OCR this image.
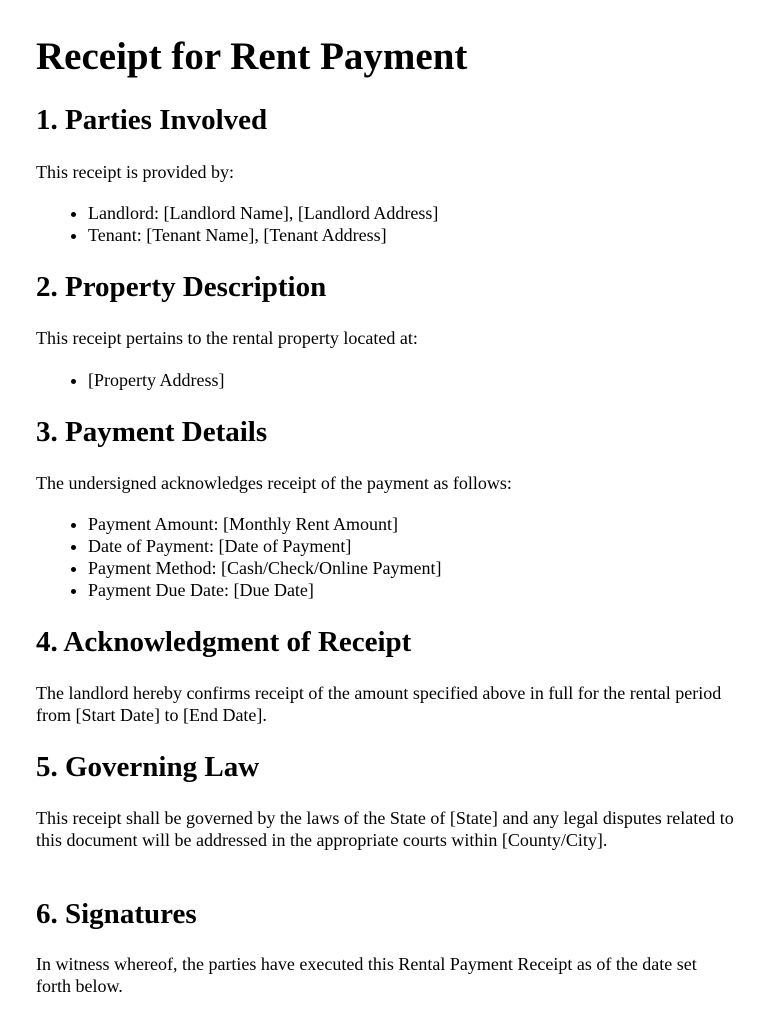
Receipt for Rent Payment
1. Parties Involved

This receipt is provided by:

• Landlord: [Landlord Name], [Landlord Address]
• Tenant: [Tenant Name], [Tenant Address]
2. Property Description

This receipt pertains to the rental property located at:

• [Property Address]
3. Payment Details

The undersigned acknowledges receipt of the payment as follows:

• Payment Amount: [Monthly Rent Amount]
• Date of Payment: [Date of Payment]
• Payment Method: [Cash/Check/Online Payment]
• Payment Due Date: [Due Date]
4. Acknowledgment of Receipt

The landlord hereby confirms receipt of the amount specified above in full for the rental period from [Start Date] to [End Date].

5. Governing Law

This receipt shall be governed by the laws of the State of [State] and any legal disputes related to this document will be addressed in the appropriate courts within [County/City].

6. Signatures

In witness whereof, the parties have executed this Rental Payment Receipt as of the date set forth below.
